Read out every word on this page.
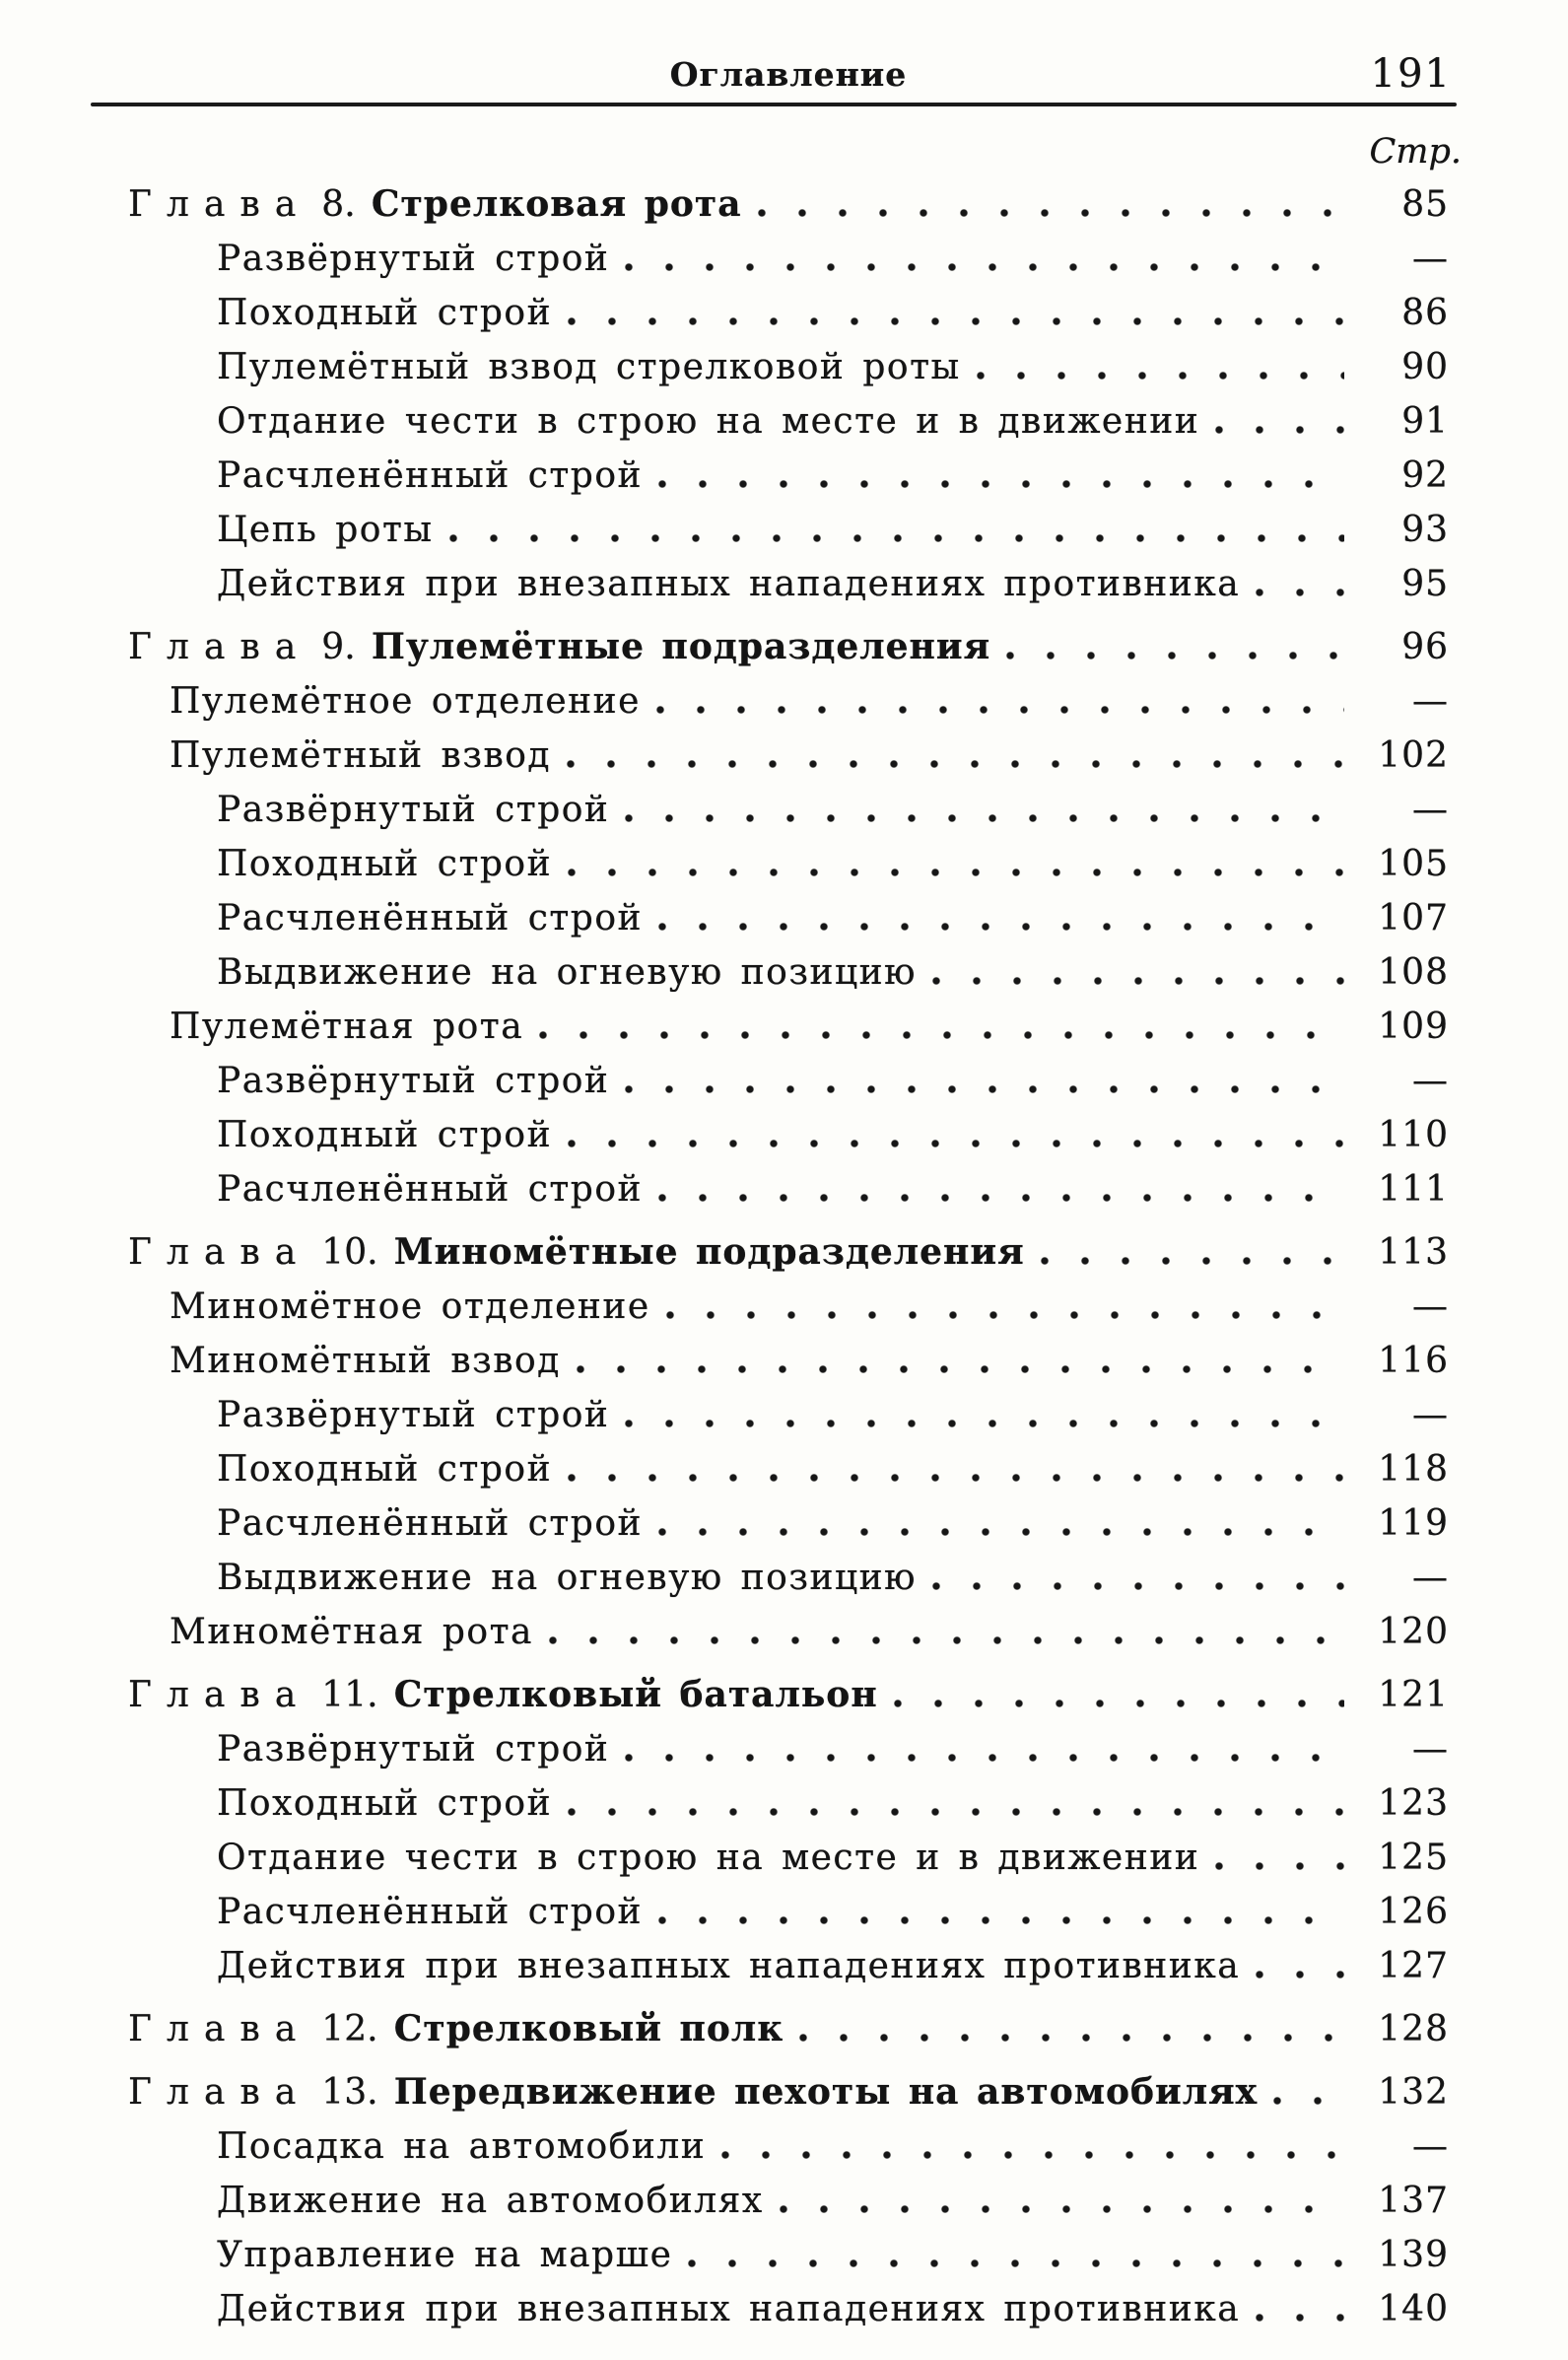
Оглавление	191
Стр.
Глава 8. Стрелковая рота	85
Развёрнутый строй	—
Походный строй	86
Пулемётный взвод стрелковой роты	90
Отдание чести в строю на месте и в движении	91
Расчленённый строй	92
Цепь роты	93
Действия при внезапных нападениях противника	95
Глава 9. Пулемётные подразделения	96
Пулемётное отделение	—
Пулемётный взвод	102
Развёрнутый строй	—
Походный строй	105
Расчленённый строй	107
Выдвижение на огневую позицию	108
Пулемётная рота	109
Развёрнутый строй	—
Походный строй	110
Расчленённый строй	111
Глава 10. Миномётные подразделения	113
Миномётное отделение	—
Миномётный взвод	116
Развёрнутый строй	—
Походный строй	118
Расчленённый строй	119
Выдвижение на огневую позицию	—
Миномётная рота	120
Глава 11. Стрелковый батальон	121
Развёрнутый строй	—
Походный строй	123
Отдание чести в строю на месте и в движении	125
Расчленённый строй	126
Действия при внезапных нападениях противника	127
Глава 12. Стрелковый полк	128
Глава 13. Передвижение пехоты на автомобилях	132
Посадка на автомобили	—
Движение на автомобилях	137
Управление на марше	139
Действия при внезапных нападениях противника	140
